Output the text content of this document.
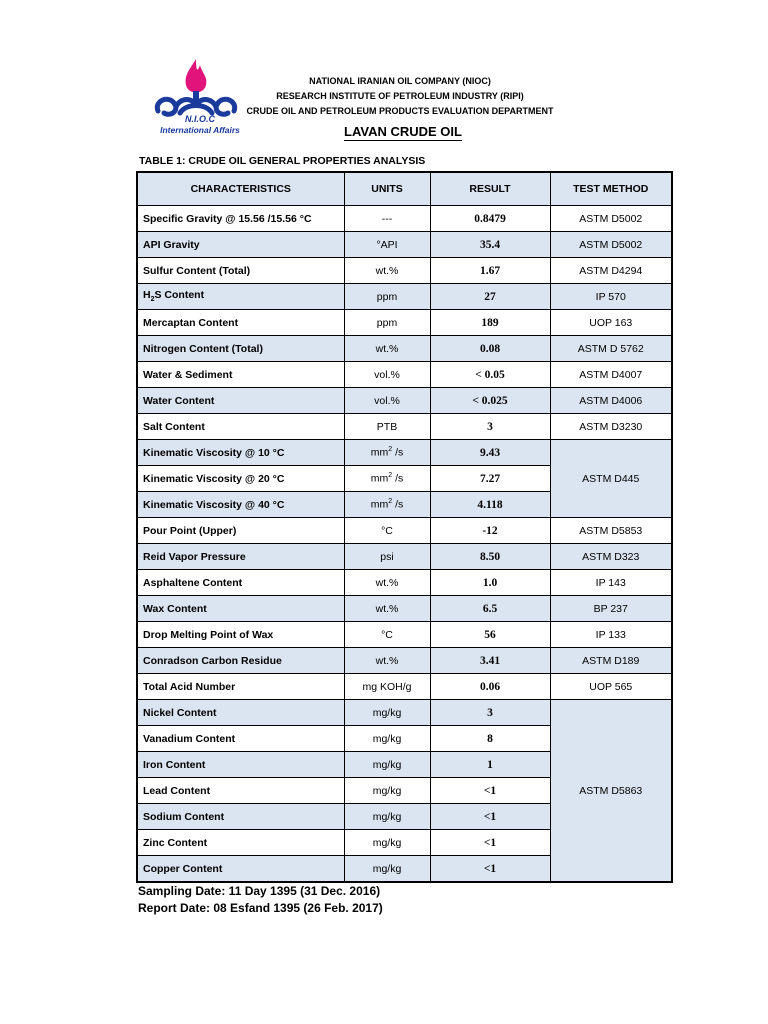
N.I.O.C
International Affairs
NATIONAL IRANIAN OIL COMPANY (NIOC)
RESEARCH INSTITUTE OF PETROLEUM INDUSTRY (RIPI)
CRUDE OIL AND PETROLEUM PRODUCTS EVALUATION DEPARTMENT
LAVAN CRUDE OIL
TABLE 1: CRUDE OIL GENERAL PROPERTIES ANALYSIS
CHARACTERISTICS	UNITS	RESULT	TEST METHOD
Specific Gravity @ 15.56 /15.56 °C	---	0.8479	ASTM D5002
API Gravity	°API	35.4	ASTM D5002
Sulfur Content (Total)	wt.%	1.67	ASTM D4294
$H_2S$ Content	ppm	27	IP 570
Mercaptan Content	ppm	189	UOP 163
Nitrogen Content (Total)	wt.%	0.08	ASTM D 5762
Water & Sediment	vol.%	< 0.05	ASTM D4007
Water Content	vol.%	< 0.025	ASTM D4006
Salt Content	PTB	3	ASTM D3230
Kinematic Viscosity @ 10 °C	$mm^2$ /s	9.43	ASTM D445
Kinematic Viscosity @ 20 °C	$mm^2$ /s	7.27	
Kinematic Viscosity @ 40 °C	$mm^2$ /s	4.118	
Pour Point (Upper)	°C	-12	ASTM D5853
Reid Vapor Pressure	psi	8.50	ASTM D323
Asphaltene Content	wt.%	1.0	IP 143
Wax Content	wt.%	6.5	BP 237
Drop Melting Point of Wax	°C	56	IP 133
Conradson Carbon Residue	wt.%	3.41	ASTM D189
Total Acid Number	mg KOH/g	0.06	UOP 565
Nickel Content	mg/kg	3	ASTM D5863
Vanadium Content	mg/kg	8	
Iron Content	mg/kg	1	
Lead Content	mg/kg	<1	
Sodium Content	mg/kg	<1	
Zinc Content	mg/kg	<1	
Copper Content	mg/kg	<1	
Sampling Date: 11 Day 1395 (31 Dec. 2016)
Report Date: 08 Esfand 1395 (26 Feb. 2017)
